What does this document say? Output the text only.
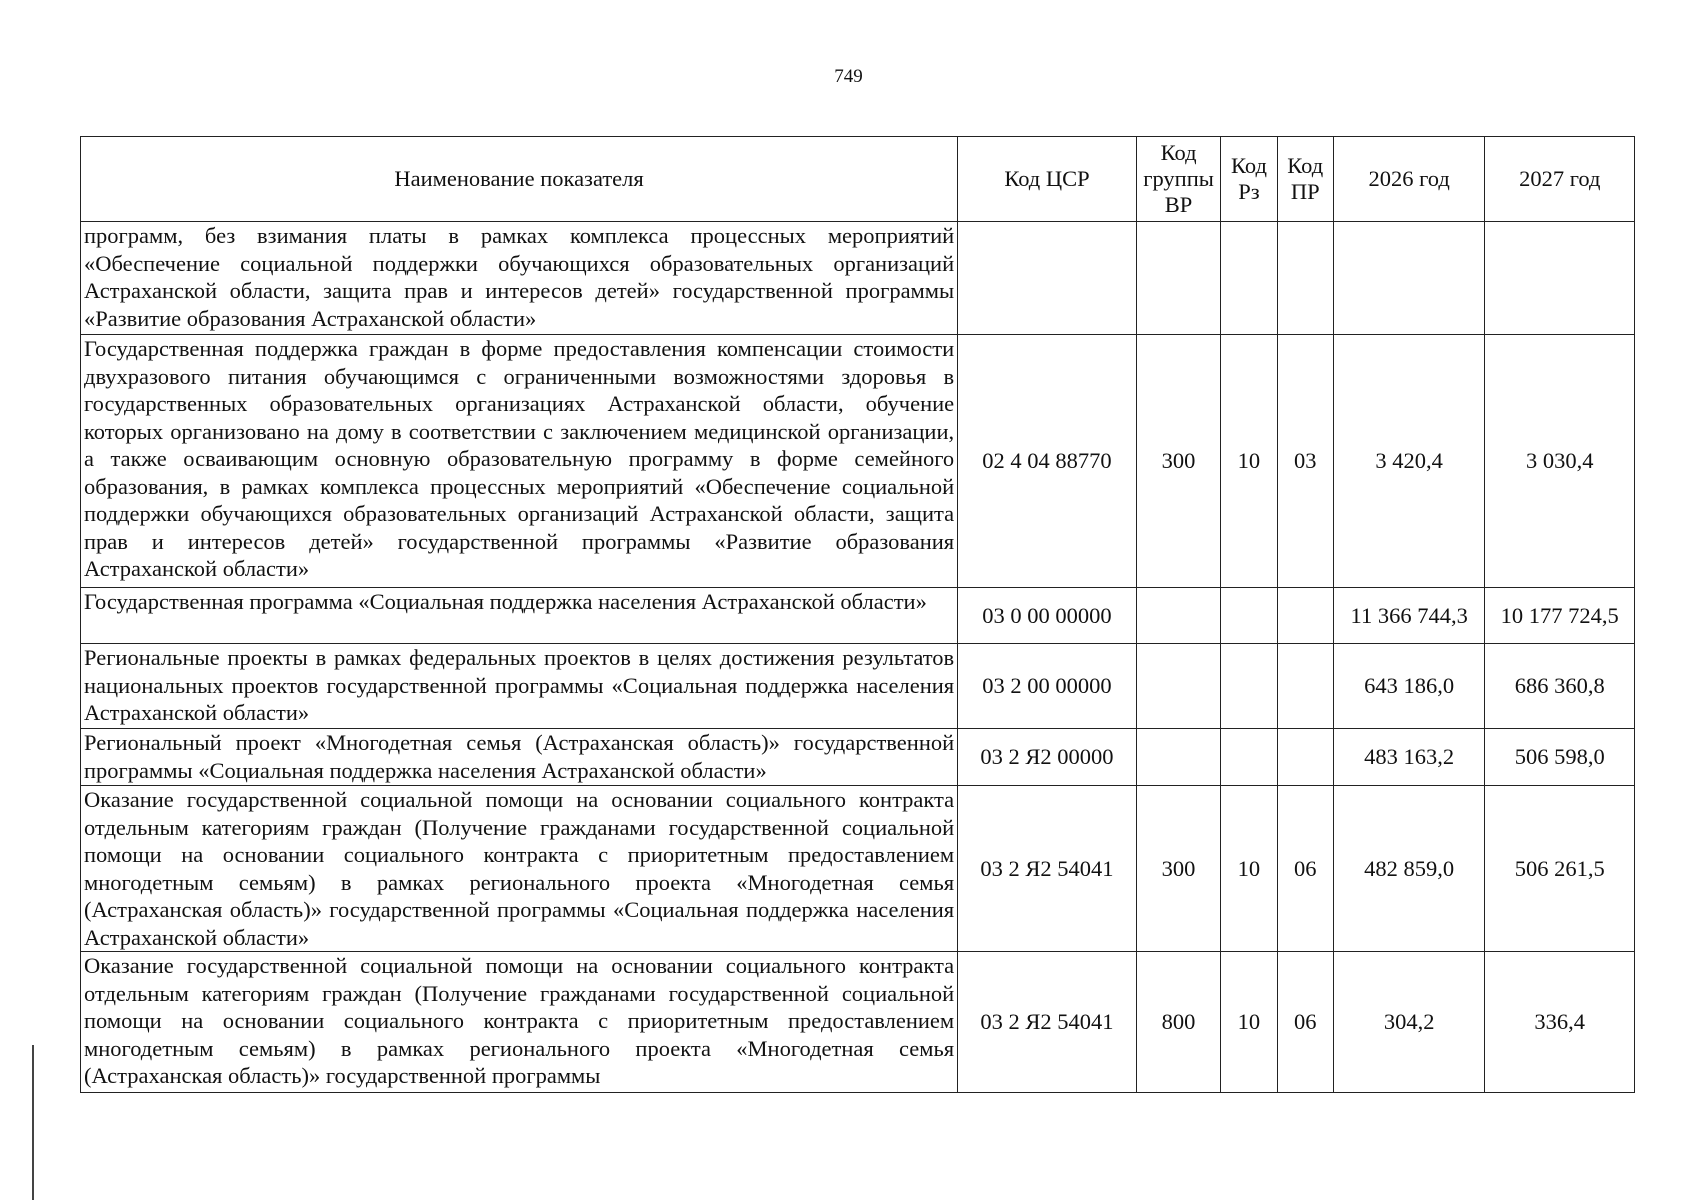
749
Наименование показателя	Код ЦСР	Код группы ВР	Код Рз	Код ПР	2026 год	2027 год
программ, без взимания платы в рамках комплекса процессных мероприятий «Обеспечение социальной поддержки обучающихся образовательных организаций Астраханской области, защита прав и интересов детей» государственной программы «Развитие образования Астраханской области»						
Государственная поддержка граждан в форме предоставления компенсации стоимости двухразового питания обучающимся с ограниченными возможностями здоровья в государственных образовательных организациях Астраханской области, обучение которых организовано на дому в соответствии с заключением медицинской организации, а также осваивающим основную образовательную программу в форме семейного образования, в рамках комплекса процессных мероприятий «Обеспечение социальной поддержки обучающихся образовательных организаций Астраханской области, защита прав и интересов детей» государственной программы «Развитие образования Астраханской области»	02 4 04 88770	300	10	03	3 420,4	3 030,4
Государственная программа «Социальная поддержка населения Астраханской области»	03 0 00 00000				11 366 744,3	10 177 724,5
Региональные проекты в рамках федеральных проектов в целях достижения результатов национальных проектов государственной программы «Социальная поддержка населения Астраханской области»	03 2 00 00000				643 186,0	686 360,8
Региональный проект «Многодетная семья (Астраханская область)» государственной программы «Социальная поддержка населения Астраханской области»	03 2 Я2 00000				483 163,2	506 598,0
Оказание государственной социальной помощи на основании социального контракта отдельным категориям граждан (Получение гражданами государственной социальной помощи на основании социального контракта с приоритетным предоставлением многодетным семьям) в рамках регионального проекта «Многодетная семья (Астраханская область)» государственной программы «Социальная поддержка населения Астраханской области»	03 2 Я2 54041	300	10	06	482 859,0	506 261,5

Оказание государственной социальной помощи на основании социального контракта отдельным категориям граждан (Получение гражданами государственной социальной помощи на основании социального контракта с приоритетным предоставлением многодетным семьям) в рамках регионального проекта «Многодетная семья (Астраханская область)» государственной программы	03 2 Я2 54041	800	10	06	304,2	336,4
